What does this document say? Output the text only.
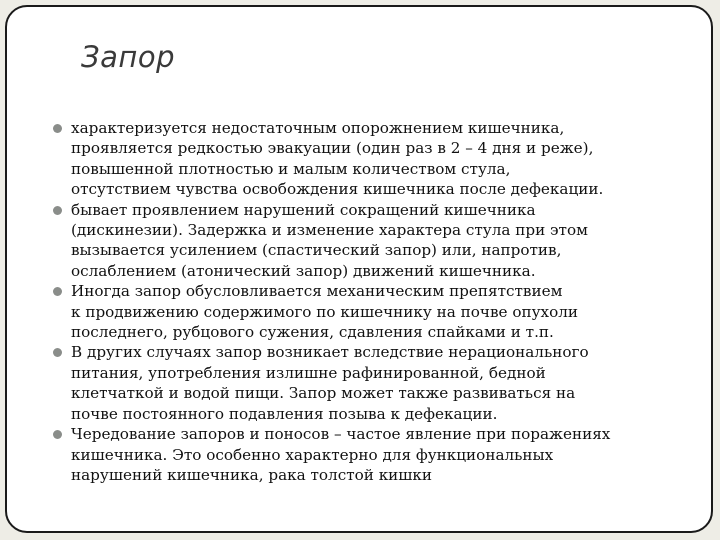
Запор
характеризуется недостаточным опорожнением кишечника,
проявляется редкостью эвакуации (один раз в 2 – 4 дня и реже),
повышенной плотностью и малым количеством стула,
отсутствием чувства освобождения кишечника после дефекации.
бывает проявлением нарушений сокращений кишечника
(дискинезии). Задержка и изменение характера стула при этом
вызывается усилением (спастический запор) или, напротив,
ослаблением (атонический запор) движений кишечника.
Иногда запор обусловливается механическим препятствием
к продвижению содержимого по кишечнику на почве опухоли
последнего, рубцового сужения, сдавления спайками и т.п.
В других случаях запор возникает вследствие нерационального
питания, употребления излишне рафинированной, бедной
клетчаткой и водой пищи. Запор может также развиваться на
почве постоянного подавления позыва к дефекации.
Чередование запоров и поносов – частое явление при поражениях
кишечника. Это особенно характерно для функциональных
нарушений кишечника, рака толстой кишки
